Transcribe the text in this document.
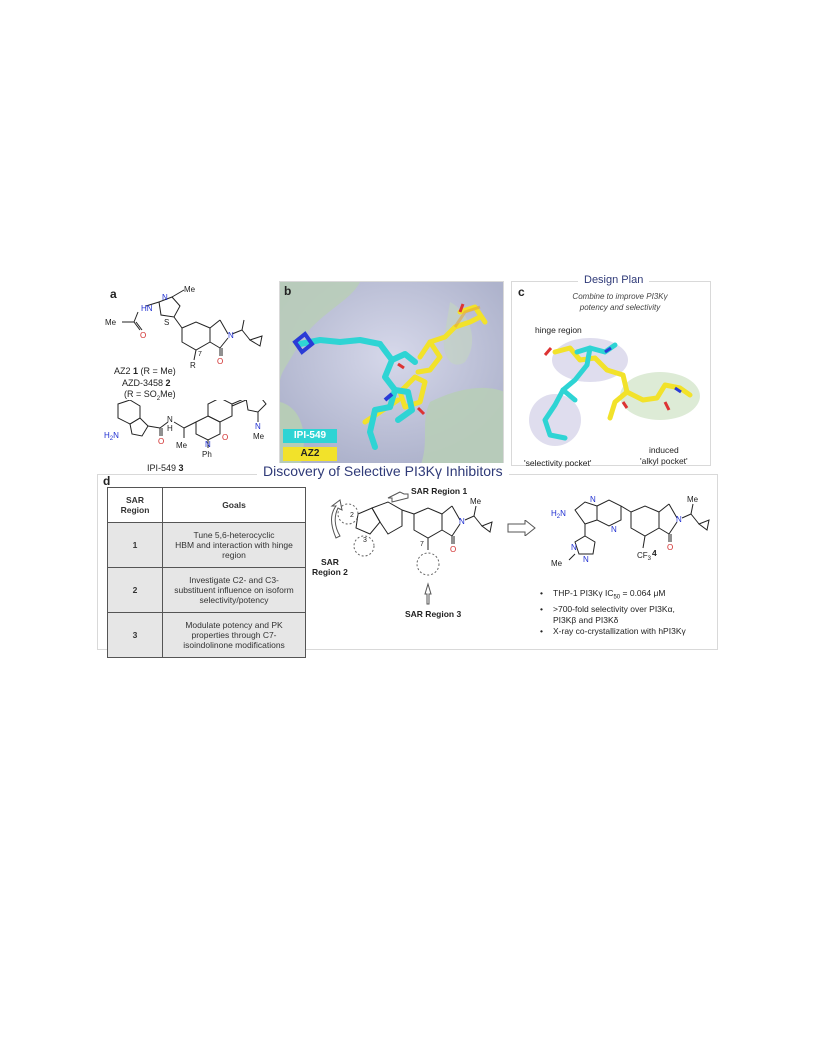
a
HN
N
S
Me
Me
O	N
O
R
7
AZ2 1 (R = Me)
AZD-3458 2
$(R = SO_2Me)$
$H_2N$
O
N H
Me
Ph
N
O
N
Me
IPI-549 3
b
IPI-549
AZ2
Design Plan
c	Combine to improve PI3Kγ
potency and selectivity
hinge region
'selectivity pocket'
induced
'alkyl pocket'
Discovery of Selective PI3Kγ Inhibitors
d
SAR
Region	Goals
1	Tune 5,6-heterocyclic
HBM and interaction with hinge
region

2	Investigate C2- and C3-
substituent influence on isoform
selectivity/potency

3	Modulate potency and PK
properties through C7-
isoindolinone modifications
2
3
7
N
O
Me
SAR Region 1
SAR
Region 2
SAR Region 3
$H_2N$
N
N
N
N
Me
$CF_3$
N
O
Me
4
• THP-1 PI3Kγ $IC_{50} = 0.064$ μM
• >700-fold selectivity over PI3Kα,
PI3Kβ and PI3Kδ
• X-ray co-crystallization with hPI3Kγ
